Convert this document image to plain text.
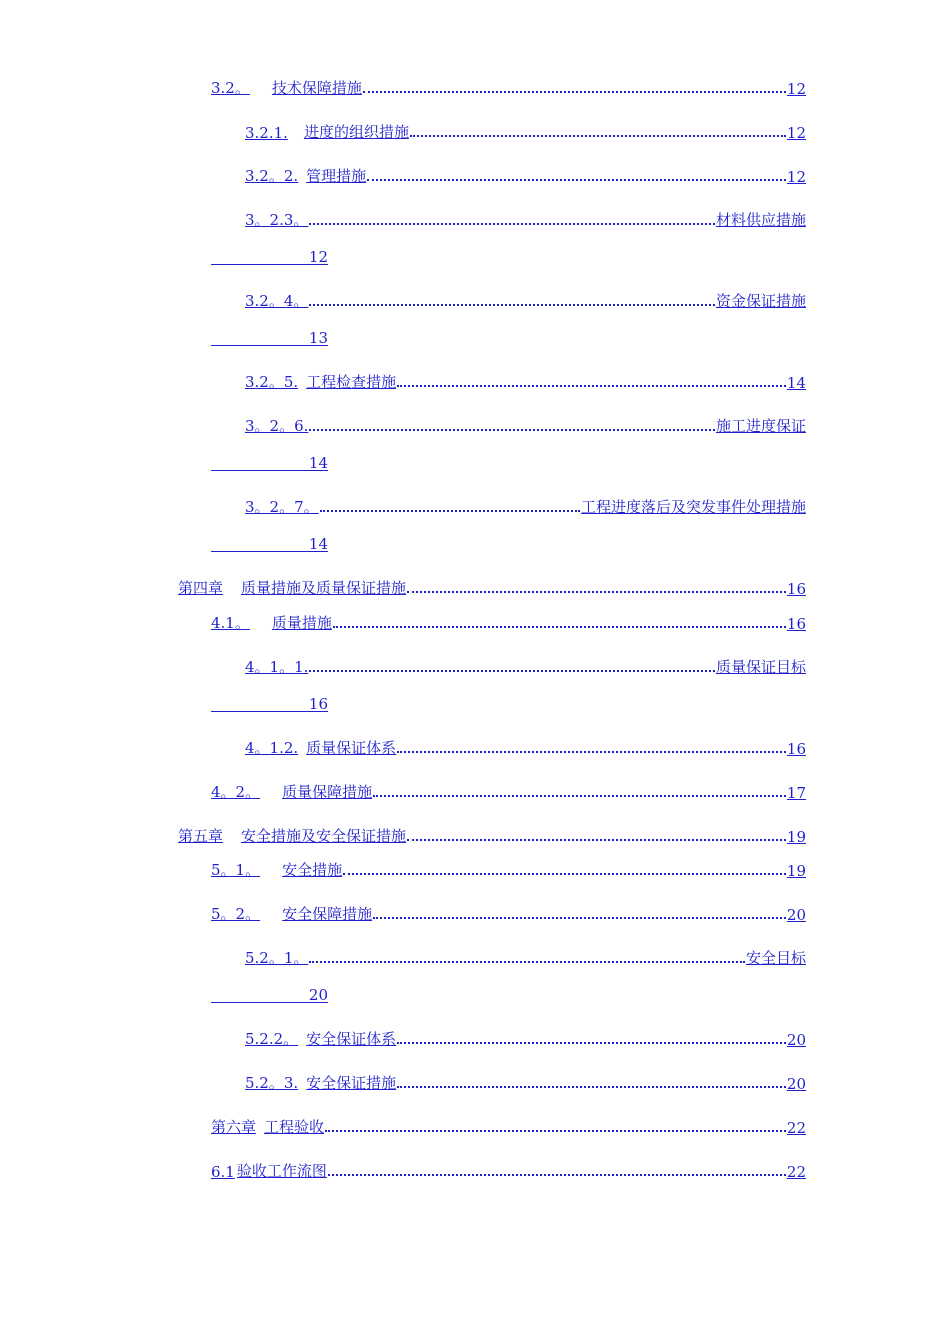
3.2。 技术保障措施	12
3.2.1. 进度的组织措施	12
3.2。2. 管理措施	12
3。2.3。	材料供应措施
12
3.2。4。	资金保证措施
13
3.2。5. 工程检查措施	14
3。2。6.	施工进度保证
14
3。2。7。	工程进度落后及突发事件处理措施
14
第四章 质量措施及质量保证措施	16
4.1。 质量措施	16
4。1。1.	质量保证目标
16
4。1.2. 质量保证体系	16
4。2。 质量保障措施	17
第五章 安全措施及安全保证措施	19
5。1。 安全措施	19
5。2。 安全保障措施	20
5.2。1。	安全目标
20
5.2.2。 安全保证体系	20
5.2。3. 安全保证措施	20
第六章 工程验收	22
6.1 验收工作流图	22
